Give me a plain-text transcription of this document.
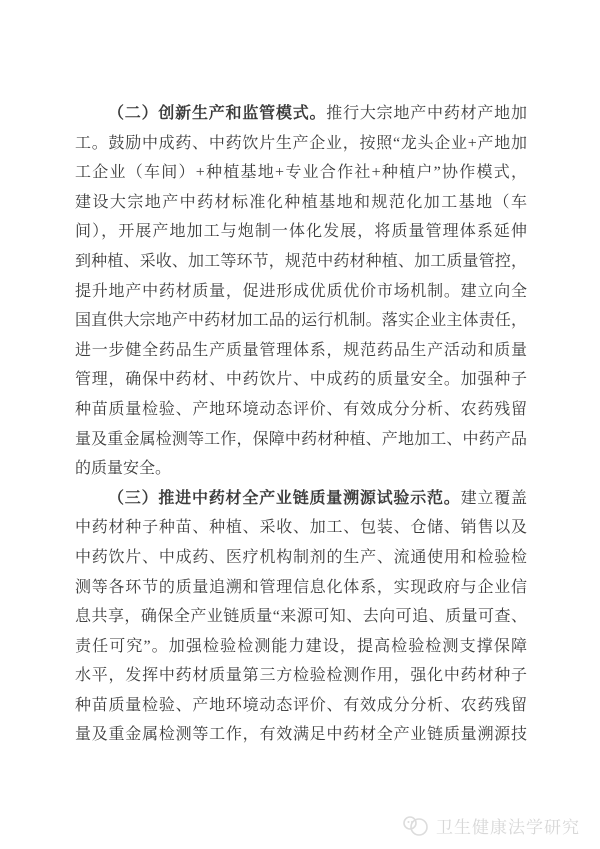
（二）创新生产和监管模式。推行大宗地产中药材产地加
工。鼓励中成药、中药饮片生产企业，按照“龙头企业+产地加
工企业（车间）+种植基地+专业合作社+种植户”协作模式，
建设大宗地产中药材标准化种植基地和规范化加工基地（车
间），开展产地加工与炮制一体化发展，将质量管理体系延伸
到种植、采收、加工等环节，规范中药材种植、加工质量管控，
提升地产中药材质量，促进形成优质优价市场机制。建立向全
国直供大宗地产中药材加工品的运行机制。落实企业主体责任，
进一步健全药品生产质量管理体系，规范药品生产活动和质量
管理，确保中药材、中药饮片、中成药的质量安全。加强种子
种苗质量检验、产地环境动态评价、有效成分分析、农药残留
量及重金属检测等工作，保障中药材种植、产地加工、中药产品
的质量安全。
（三）推进中药材全产业链质量溯源试验示范。建立覆盖
中药材种子种苗、种植、采收、加工、包装、仓储、销售以及
中药饮片、中成药、医疗机构制剂的生产、流通使用和检验检
测等各环节的质量追溯和管理信息化体系，实现政府与企业信
息共享，确保全产业链质量“来源可知、去向可追、质量可查、
责任可究”。加强检验检测能力建设，提高检验检测支撑保障
水平，发挥中药材质量第三方检验检测作用，强化中药材种子
种苗质量检验、产地环境动态评价、有效成分分析、农药残留
量及重金属检测等工作，有效满足中药材全产业链质量溯源技
卫生健康法学研究
